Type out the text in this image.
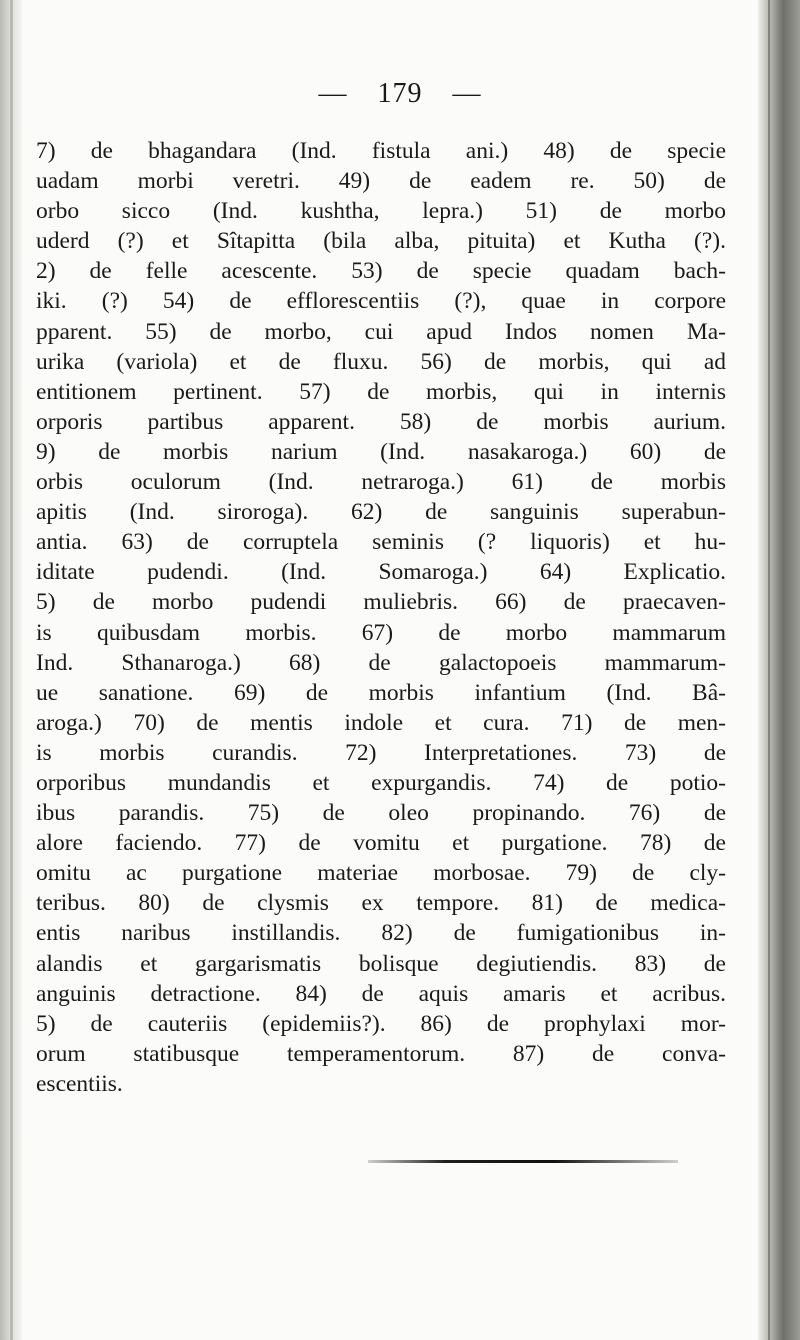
— 179 —
7) de bhagandara (Ind. fistula ani.) 48) de specie
uadam morbi veretri. 49) de eadem re. 50) de
orbo sicco (Ind. kushtha, lepra.) 51) de morbo
uderd (?) et Sîtapitta (bila alba, pituita) et Kutha (?).
2) de felle acescente. 53) de specie quadam bach-
iki. (?) 54) de efflorescentiis (?), quae in corpore
pparent. 55) de morbo, cui apud Indos nomen Ma-
urika (variola) et de fluxu. 56) de morbis, qui ad
entitionem pertinent. 57) de morbis, qui in internis
orporis partibus apparent. 58) de morbis aurium.
9) de morbis narium (Ind. nasakaroga.) 60) de
orbis oculorum (Ind. netraroga.) 61) de morbis
apitis (Ind. siroroga). 62) de sanguinis superabun-
antia. 63) de corruptela seminis (? liquoris) et hu-
iditate pudendi. (Ind. Somaroga.) 64) Explicatio.
5) de morbo pudendi muliebris. 66) de praecaven-
is quibusdam morbis. 67) de morbo mammarum
Ind. Sthanaroga.) 68) de galactopoeis mammarum-
ue sanatione. 69) de morbis infantium (Ind. Bâ-
aroga.) 70) de mentis indole et cura. 71) de men-
is morbis curandis. 72) Interpretationes. 73) de
orporibus mundandis et expurgandis. 74) de potio-
ibus parandis. 75) de oleo propinando. 76) de
alore faciendo. 77) de vomitu et purgatione. 78) de
omitu ac purgatione materiae morbosae. 79) de cly-
teribus. 80) de clysmis ex tempore. 81) de medica-
entis naribus instillandis. 82) de fumigationibus in-
alandis et gargarismatis bolisque degiutiendis. 83) de
anguinis detractione. 84) de aquis amaris et acribus.
5) de cauteriis (epidemiis?). 86) de prophylaxi mor-
orum statibusque temperamentorum. 87) de conva-
escentiis.
